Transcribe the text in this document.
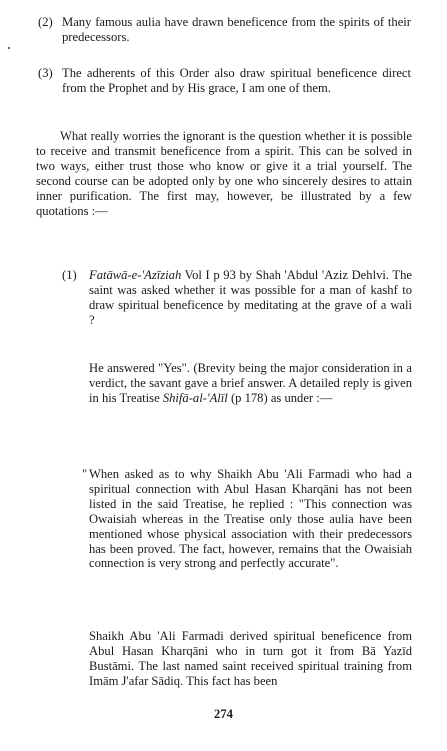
(2) Many famous aulia have drawn beneficence from the spirits of their predecessors.
(3) The adherents of this Order also draw spiritual beneficence direct from the Prophet and by His grace, I am one of them.

What really worries the ignorant is the question whether it is possible to receive and transmit beneficence from a spirit. This can be solved in two ways, either trust those who know or give it a trial yourself. The second course can be adopted only by one who sincerely desires to attain inner purification. The first may, however, be illustrated by a few quotations :—

(1) Fatāwā-e-'Azīziah Vol I p 93 by Shah 'Abdul 'Aziz Dehlvi. The saint was asked whether it was possible for a man of kashf to draw spiritual beneficence by meditating at the grave of a wali ?

He answered "Yes". (Brevity being the major consideration in a verdict, the savant gave a brief answer. A detailed reply is given in his Treatise Shifā-al-'Alīl (p 178) as under :—

" When asked as to why Shaikh Abu 'Ali Farmadi who had a spiritual connection with Abul Hasan Kharqāni has not been listed in the said Treatise, he replied : "This connection was Owaisiah whereas in the Treatise only those aulia have been mentioned whose physical association with their predecessors has been proved. The fact, however, remains that the Owaisiah connection is very strong and perfectly accurate".

Shaikh Abu 'Ali Farmadi derived spiritual beneficence from Abul Hasan Kharqāni who in turn got it from Bā Yazīd Bustāmi. The last named saint received spiritual training from Imām J'afar Sādiq. This fact has been

274
